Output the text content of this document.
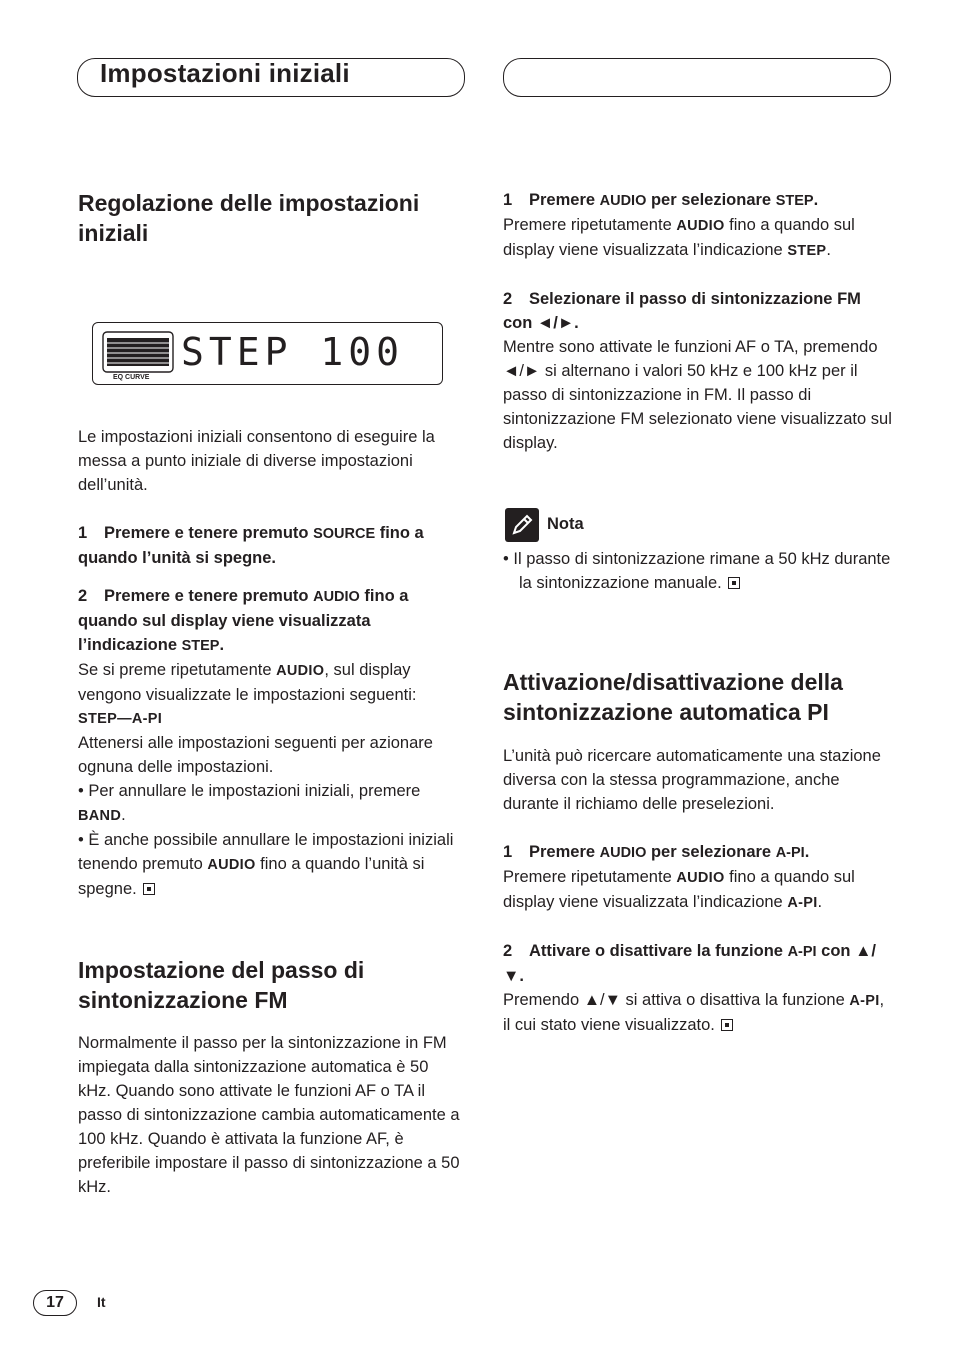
Impostazioni iniziali
Regolazione delle impostazioni iniziali
EQ CURVE
STEP 100

Le impostazioni iniziali consentono di eseguire la messa a punto iniziale di diverse impostazioni dell’unità.

1 Premere e tenere premuto SOURCE fino a quando l’unità si spegne.

2 Premere e tenere premuto AUDIO fino a quando sul display viene visualizzata l’indicazione STEP.

Se si preme ripetutamente AUDIO, sul display vengono visualizzate le impostazioni seguenti:

STEP—A-PI

Attenersi alle impostazioni seguenti per azionare ognuna delle impostazioni.

• Per annullare le impostazioni iniziali, premere BAND.

• È anche possibile annullare le impostazioni iniziali tenendo premuto AUDIO fino a quando l’unità si spegne.

Impostazione del passo di sintonizzazione FM

Normalmente il passo per la sintonizzazione in FM impiegata dalla sintonizzazione automatica è 50 kHz. Quando sono attivate le funzioni AF o TA il passo di sintonizzazione cambia automaticamente a 100 kHz. Quando è attivata la funzione AF, è preferibile impostare il passo di sintonizzazione a 50 kHz.

1 Premere AUDIO per selezionare STEP.

Premere ripetutamente AUDIO fino a quando sul display viene visualizzata l’indicazione STEP.

2 Selezionare il passo di sintonizzazione FM con ◄/►.

Mentre sono attivate le funzioni AF o TA, premendo ◄/► si alternano i valori 50 kHz e 100 kHz per il passo di sintonizzazione in FM. Il passo di sintonizzazione FM selezionato viene visualizzato sul display.

Nota

• Il passo di sintonizzazione rimane a 50 kHz durante la sintonizzazione manuale.

Attivazione/disattivazione della sintonizzazione automatica PI

L’unità può ricercare automaticamente una stazione diversa con la stessa programmazione, anche durante il richiamo delle preselezioni.

1 Premere AUDIO per selezionare A-PI.

Premere ripetutamente AUDIO fino a quando sul display viene visualizzata l’indicazione A-PI.

2 Attivare o disattivare la funzione A-PI con ▲/▼.

Premendo ▲/▼ si attiva o disattiva la funzione A-PI, il cui stato viene visualizzato.

17	It
